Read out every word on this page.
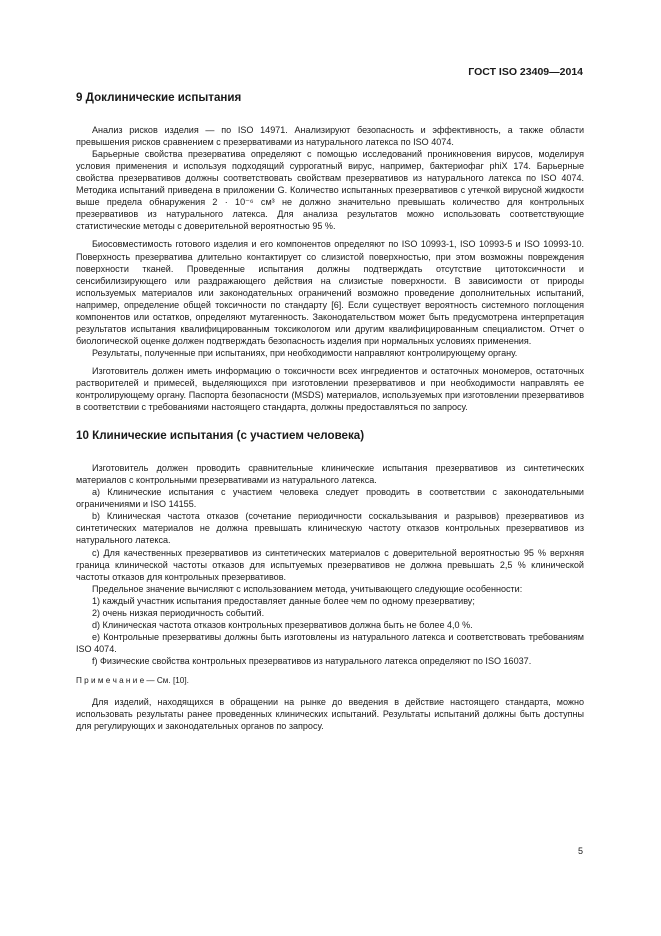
ГОСТ ISO 23409—2014
9 Доклинические испытания

Анализ рисков изделия — по ISO 14971. Анализируют безопасность и эффективность, а также области превышения рисков сравнением с презервативами из натурального латекса по ISO 4074.

Барьерные свойства презерватива определяют с помощью исследований проникновения вирусов, моделируя условия применения и используя подходящий суррогатный вирус, например, бактериофаг phiX 174. Барьерные свойства презервативов должны соответствовать свойствам презервативов из натурального латекса по ISO 4074. Методика испытаний приведена в приложении G. Количество испытанных презервативов с утечкой вирусной жидкости выше предела обнаружения 2 · 10⁻⁶ см³ не должно значительно превышать количество для контрольных презервативов из натурального латекса. Для анализа результатов можно использовать соответствующие статистические методы с доверительной вероятностью 95 %.

Биосовместимость готового изделия и его компонентов определяют по ISO 10993-1, ISO 10993-5 и ISO 10993-10. Поверхность презерватива длительно контактирует со слизистой поверхностью, при этом возможны повреждения поверхности тканей. Проведенные испытания должны подтверждать отсутствие цитотоксичности и сенсибилизирующего или раздражающего действия на слизистые поверхности. В зависимости от природы используемых материалов или законодательных ограничений возможно проведение дополнительных испытаний, например, определение общей токсичности по стандарту [6]. Если существует вероятность системного поглощения компонентов или остатков, определяют мутагенность. Законодательством может быть предусмотрена интерпретация результатов испытания квалифицированным токсикологом или другим квалифицированным специалистом. Отчет о биологической оценке должен подтверждать безопасность изделия при нормальных условиях применения.

Результаты, полученные при испытаниях, при необходимости направляют контролирующему органу.

Изготовитель должен иметь информацию о токсичности всех ингредиентов и остаточных мономеров, остаточных растворителей и примесей, выделяющихся при изготовлении презервативов и при необходимости направлять ее контролирующему органу. Паспорта безопасности (MSDS) материалов, используемых при изготовлении презервативов в соответствии с требованиями настоящего стандарта, должны предоставляться по запросу.

10 Клинические испытания (с участием человека)

Изготовитель должен проводить сравнительные клинические испытания презервативов из синтетических материалов с контрольными презервативами из натурального латекса.

a) Клинические испытания с участием человека следует проводить в соответствии с законодательными ограничениями и ISO 14155.

b) Клиническая частота отказов (сочетание периодичности соскальзывания и разрывов) презервативов из синтетических материалов не должна превышать клиническую частоту отказов контрольных презервативов из натурального латекса.

c) Для качественных презервативов из синтетических материалов с доверительной вероятностью 95 % верхняя граница клинической частоты отказов для испытуемых презервативов не должна превышать 2,5 % клинической частоты отказов для контрольных презервативов.

Предельное значение вычисляют с использованием метода, учитывающего следующие особенности:

1) каждый участник испытания предоставляет данные более чем по одному презервативу;

2) очень низкая периодичность событий.

d) Клиническая частота отказов контрольных презервативов должна быть не более 4,0 %.

e) Контрольные презервативы должны быть изготовлены из натурального латекса и соответствовать требованиям ISO 4074.

f) Физические свойства контрольных презервативов из натурального латекса определяют по ISO 16037.

П р и м е ч а н и е — См. [10].

Для изделий, находящихся в обращении на рынке до введения в действие настоящего стандарта, можно использовать результаты ранее проведенных клинических испытаний. Результаты испытаний должны быть доступны для регулирующих и законодательных органов по запросу.

5
